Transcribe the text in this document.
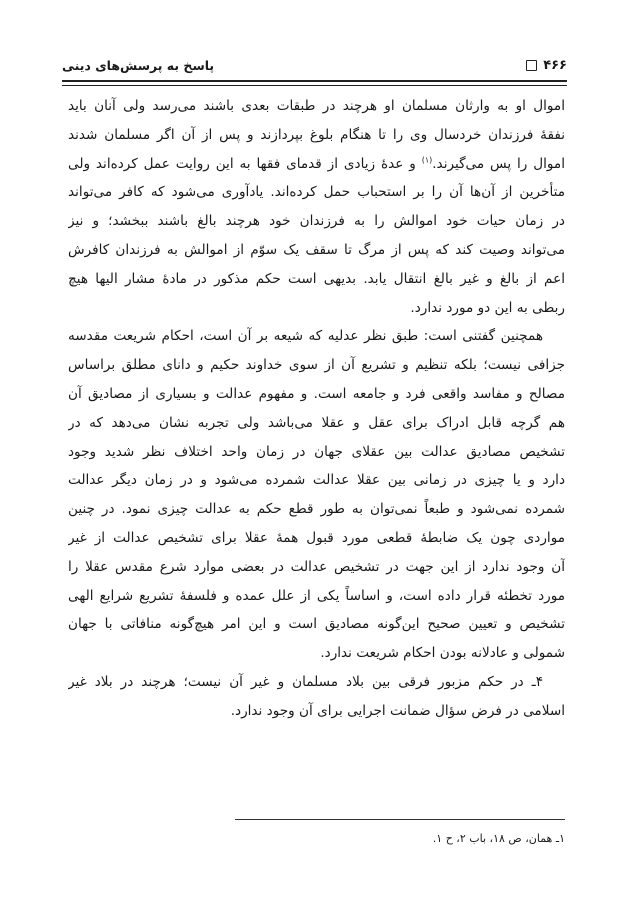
پاسخ به پرسش‌های دینی	۴۶۶
اموال او به وارثان مسلمان او هرچند در طبقات بعدی باشند می‌رسد ولی آنان باید
نفقهٔ فرزندان خردسال وی را تا هنگام بلوغ بپردازند و پس از آن اگر مسلمان شدند
اموال را پس می‌گیرند.$^{(۱)}$ و عدهٔ زیادی از قدمای فقها به این روایت عمل کرده‌اند ولی
متأخرین از آن‌ها آن را بر استحباب حمل کرده‌اند. یادآوری می‌شود که کافر می‌تواند
در زمان حیات خود اموالش را به فرزندان خود هرچند بالغ باشند ببخشد؛ و نیز
می‌تواند وصیت کند که پس از مرگ تا سقف یک سوّم از اموالش به فرزندان کافرش
اعم از بالغ و غیر بالغ انتقال یابد. بدیهی است حکم مذکور در مادهٔ مشار الیها هیچ
ربطی به این دو مورد ندارد.
همچنین گفتنی است: طبق نظر عدلیه که شیعه بر آن است، احکام شریعت مقدسه
جزافی نیست؛ بلکه تنظیم و تشریع آن از سوی خداوند حکیم و دانای مطلق براساس
مصالح و مفاسد واقعی فرد و جامعه است. و مفهوم عدالت و بسیاری از مصادیق آن
هم گرچه قابل ادراک برای عقل و عقلا می‌باشد ولی تجربه نشان می‌دهد که در
تشخیص مصادیق عدالت بین عقلای جهان در زمان واحد اختلاف نظر شدید وجود
دارد و یا چیزی در زمانی بین عقلا عدالت شمرده می‌شود و در زمان دیگر عدالت
شمرده نمی‌شود و طبعاً نمی‌توان به طور قطع حکم به عدالت چیزی نمود. در چنین
مواردی چون یک ضابطهٔ قطعی مورد قبول همهٔ عقلا برای تشخیص عدالت از غیر
آن وجود ندارد از این جهت در تشخیص عدالت در بعضی موارد شرع مقدس عقلا را
مورد تخطئه قرار داده است، و اساساً یکی از علل عمده و فلسفهٔ تشریع شرایع الهی
تشخیص و تعیین صحیح این‌گونه مصادیق است و این امر هیچ‌گونه منافاتی با جهان
شمولی و عادلانه بودن احکام شریعت ندارد.
۴ـ در حکم مزبور فرقی بین بلاد مسلمان و غیر آن نیست؛ هرچند در بلاد غیر
اسلامی در فرض سؤال ضمانت اجرایی برای آن وجود ندارد.
۱ـ همان، ص ۱۸، باب ۲، ح ۱.
